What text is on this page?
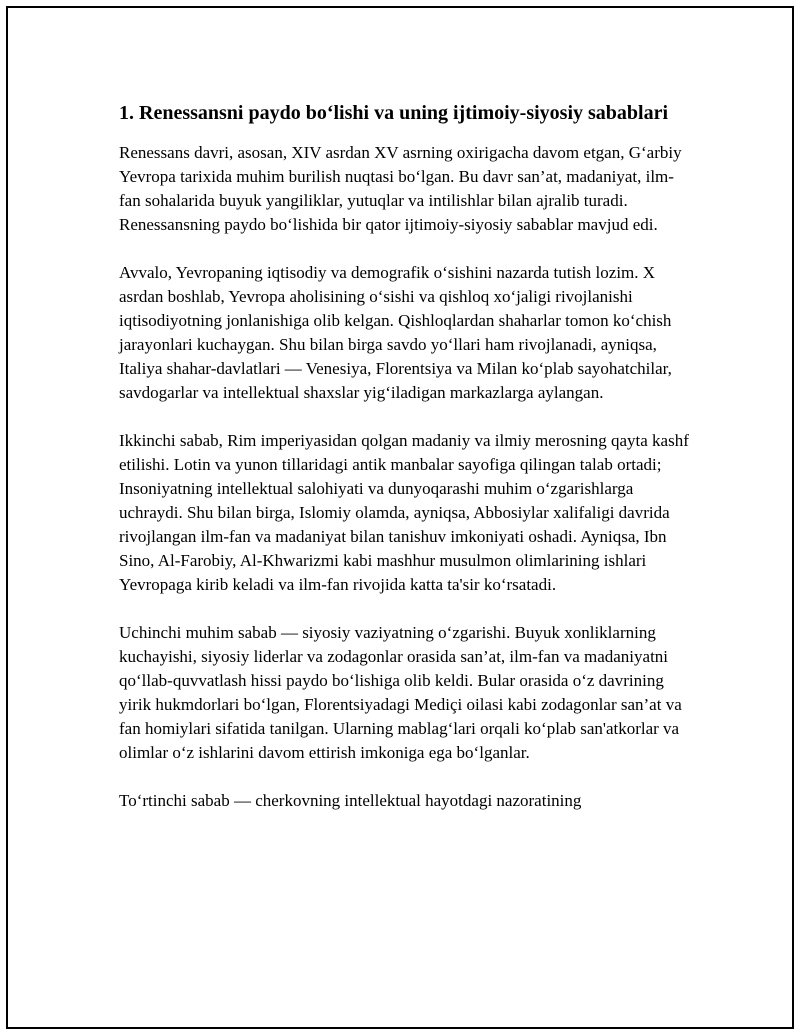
1. Renessansni paydo bo‘lishi va uning ijtimoiy-siyosiy sabablari

Renessans davri, asosan, XIV asrdan XV asrning oxirigacha davom etgan, G‘arbiy Yevropa tarixida muhim burilish nuqtasi bo‘lgan. Bu davr san’at, madaniyat, ilm-fan sohalarida buyuk yangiliklar, yutuqlar va intilishlar bilan ajralib turadi. Renessansning paydo bo‘lishida bir qator ijtimoiy-siyosiy sabablar mavjud edi.

Avvalo, Yevropaning iqtisodiy va demografik o‘sishini nazarda tutish lozim. X asrdan boshlab, Yevropa aholisining o‘sishi va qishloq xo‘jaligi rivojlanishi iqtisodiyotning jonlanishiga olib kelgan. Qishloqlardan shaharlar tomon ko‘chish jarayonlari kuchaygan. Shu bilan birga savdo yo‘llari ham rivojlanadi, ayniqsa, Italiya shahar-davlatlari — Venesiya, Florentsiya va Milan ko‘plab sayohatchilar, savdogarlar va intellektual shaxslar yig‘iladigan markazlarga aylangan.

Ikkinchi sabab, Rim imperiyasidan qolgan madaniy va ilmiy merosning qayta kashf etilishi. Lotin va yunon tillaridagi antik manbalar sayofiga qilingan talab ortadi; Insoniyatning intellektual salohiyati va dunyoqarashi muhim o‘zgarishlarga uchraydi. Shu bilan birga, Islomiy olamda, ayniqsa, Abbosiylar xalifaligi davrida rivojlangan ilm-fan va madaniyat bilan tanishuv imkoniyati oshadi. Ayniqsa, Ibn Sino, Al-Farobiy, Al-Khwarizmi kabi mashhur musulmon olimlarining ishlari Yevropaga kirib keladi va ilm-fan rivojida katta ta'sir ko‘rsatadi.

Uchinchi muhim sabab — siyosiy vaziyatning o‘zgarishi. Buyuk xonliklarning kuchayishi, siyosiy liderlar va zodagonlar orasida san’at, ilm-fan va madaniyatni qo‘llab-quvvatlash hissi paydo bo‘lishiga olib keldi. Bular orasida o‘z davrining yirik hukmdorlari bo‘lgan, Florentsiyadagi Mediçi oilasi kabi zodagonlar san’at va fan homiylari sifatida tanilgan. Ularning mablag‘lari orqali ko‘plab san'atkorlar va olimlar o‘z ishlarini davom ettirish imkoniga ega bo‘lganlar.

To‘rtinchi sabab — cherkovning intellektual hayotdagi nazoratining
